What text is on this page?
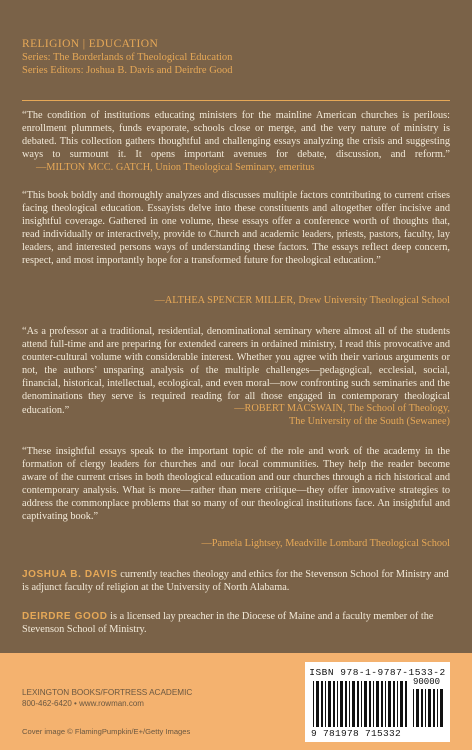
RELIGION | EDUCATION
Series: The Borderlands of Theological Education
Series Editors: Joshua B. Davis and Deirdre Good

“The condition of institutions educating ministers for the mainline American churches is perilous: enrollment plummets, funds evaporate, schools close or merge, and the very nature of ministry is debated. This collection gathers thoughtful and challenging essays analyzing the crisis and suggesting ways to surmount it. It opens important avenues for debate, discussion, and reform.” —MILTON MCC. GATCH, Union Theological Seminary, emeritus

“This book boldly and thoroughly analyzes and discusses multiple factors contributing to current crises facing theological education. Essayists delve into these constituents and altogether offer incisive and insightful coverage. Gathered in one volume, these essays offer a conference worth of thoughts that, read individually or interactively, provide to Church and academic leaders, priests, pastors, faculty, lay leaders, and interested persons ways of understanding these factors. The essays reflect deep concern, respect, and most importantly hope for a transformed future for theological education.”

—ALTHEA SPENCER MILLER, Drew University Theological School

“As a professor at a traditional, residential, denominational seminary where almost all of the students attend full-time and are preparing for extended careers in ordained ministry, I read this provocative and counter-cultural volume with considerable interest. Whether you agree with their various arguments or not, the authors’ unsparing analysis of the multiple challenges—pedagogical, ecclesial, social, financial, historical, intellectual, ecological, and even moral—now confronting such seminaries and the denominations they serve is required reading for all those engaged in contemporary theological education.”	—ROBERT MACSWAIN, The School of Theology,
The University of the South (Sewanee)

“These insightful essays speak to the important topic of the role and work of the academy in the formation of clergy leaders for churches and our local communities. They help the reader become aware of the current crises in both theological education and our churches through a rich historical and contemporary analysis. What is more—rather than mere critique—they offer innovative strategies to address the commonplace problems that so many of our theological institutions face. An insightful and captivating book.”

—Pamela Lightsey, Meadville Lombard Theological School

JOSHUA B. DAVIS currently teaches theology and ethics for the Stevenson School for Ministry and is adjunct faculty of religion at the University of North Alabama.

DEIRDRE GOOD is a licensed lay preacher in the Diocese of Maine and a faculty member of the Stevenson School of Ministry.

LEXINGTON BOOKS/FORTRESS ACADEMIC
800-462-6420 • www.rowman.com
Cover image © FlamingPumpkin/E+/Getty Images
ISBN 978-1-9787-1533-2
90000
9 781978 715332
